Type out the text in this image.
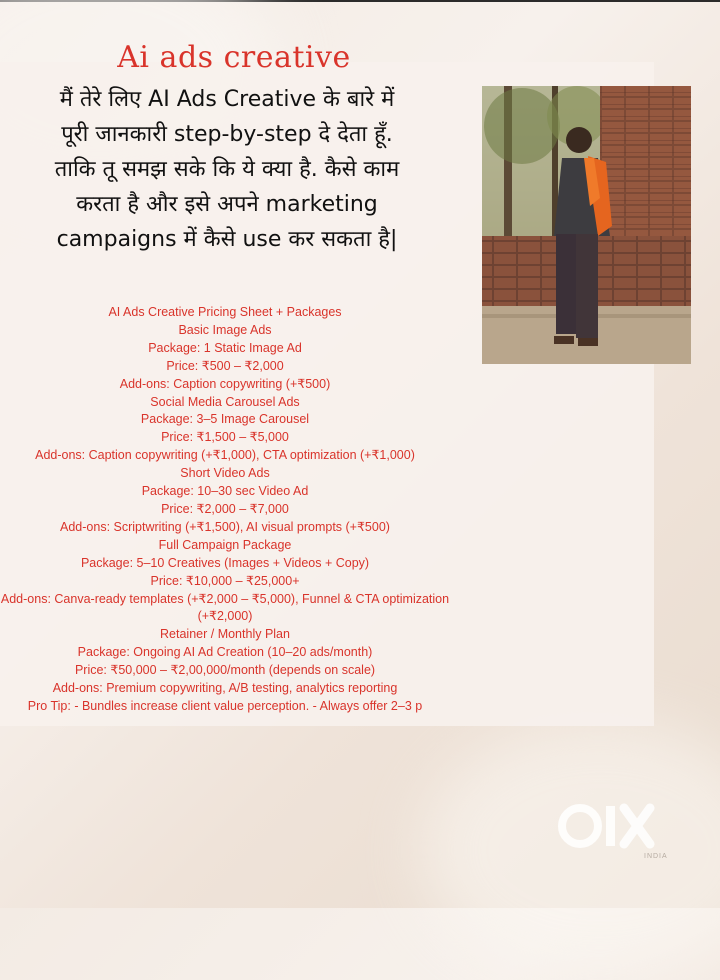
Ai ads creative
मैं तेरे लिए AI Ads Creative के बारे में
पूरी जानकारी step-by-step दे देता हूँ.
ताकि तू समझ सके कि ये क्या है. कैसे काम
करता है और इसे अपने marketing
campaigns में कैसे use कर सकता है|
AI Ads Creative Pricing Sheet + Packages
Basic Image Ads
Package: 1 Static Image Ad
Price: ₹500 – ₹2,000
Add-ons: Caption copywriting (+₹500)
Social Media Carousel Ads
Package: 3–5 Image Carousel
Price: ₹1,500 – ₹5,000
Add-ons: Caption copywriting (+₹1,000), CTA optimization (+₹1,000)
Short Video Ads
Package: 10–30 sec Video Ad
Price: ₹2,000 – ₹7,000
Add-ons: Scriptwriting (+₹1,500), AI visual prompts (+₹500)
Full Campaign Package
Package: 5–10 Creatives (Images + Videos + Copy)
Price: ₹10,000 – ₹25,000+
Add-ons: Canva-ready templates (+₹2,000 – ₹5,000), Funnel & CTA optimization
(+₹2,000)
Retainer / Monthly Plan
Package: Ongoing AI Ad Creation (10–20 ads/month)
Price: ₹50,000 – ₹2,00,000/month (depends on scale)
Add-ons: Premium copywriting, A/B testing, analytics reporting
Pro Tip: - Bundles increase client value perception. - Always offer 2–3 p
INDIA
